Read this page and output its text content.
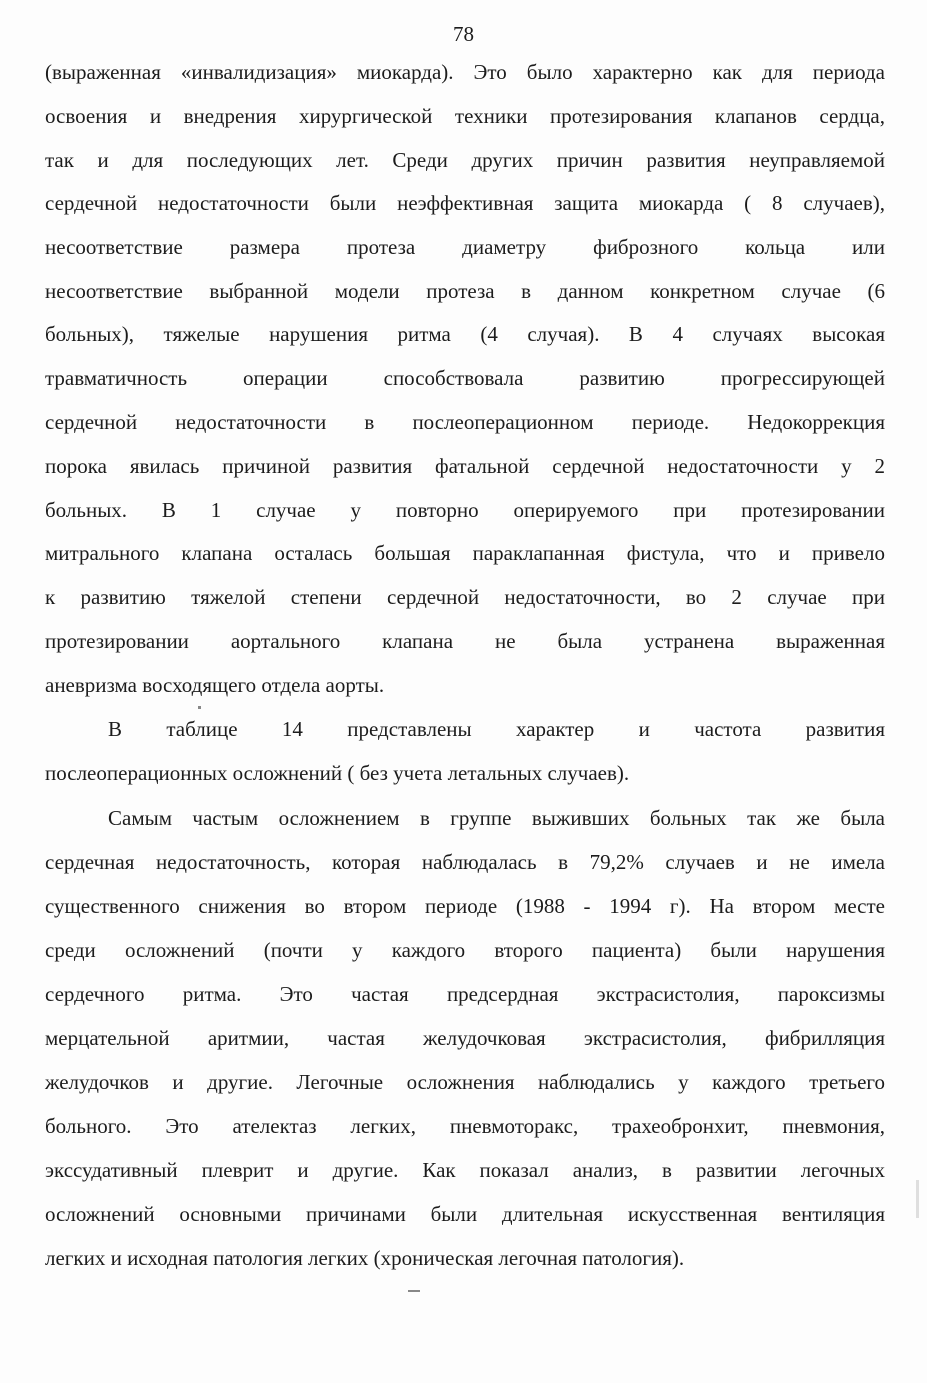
78
(выраженная «инвалидизация» миокарда). Это было характерно как для периода
освоения и внедрения хирургической техники протезирования клапанов сердца,
так и для последующих лет. Среди других причин развития неуправляемой
сердечной недостаточности были неэффективная защита миокарда ( 8 случаев),
несоответствие размера протеза диаметру фиброзного кольца или
несоответствие выбранной модели протеза в данном конкретном случае (6
больных), тяжелые нарушения ритма (4 случая). В 4 случаях высокая
травматичность операции способствовала развитию прогрессирующей
сердечной недостаточности в послеоперационном периоде. Недокоррекция
порока явилась причиной развития фатальной сердечной недостаточности у 2
больных. В 1 случае у повторно оперируемого при протезировании
митрального клапана осталась большая параклапанная фистула, что и привело
к развитию тяжелой степени сердечной недостаточности, во 2 случае при
протезировании аортального клапана не была устранена выраженная
аневризма восходящего отдела аорты.
В таблице 14 представлены характер и частота развития
послеоперационных осложнений ( без учета летальных случаев).
Самым частым осложнением в группе выживших больных так же была
сердечная недостаточность, которая наблюдалась в 79,2% случаев и не имела
существенного снижения во втором периоде (1988 - 1994 г). На втором месте
среди осложнений (почти у каждого второго пациента) были нарушения
сердечного ритма. Это частая предсердная экстрасистолия, пароксизмы
мерцательной аритмии, частая желудочковая экстрасистолия, фибрилляция
желудочков и другие. Легочные осложнения наблюдались у каждого третьего
больного. Это ателектаз легких, пневмоторакс, трахеобронхит, пневмония,
экссудативный плеврит и другие. Как показал анализ, в развитии легочных
осложнений основными причинами были длительная искусственная вентиляция
легких и исходная патология легких (хроническая легочная патология).
